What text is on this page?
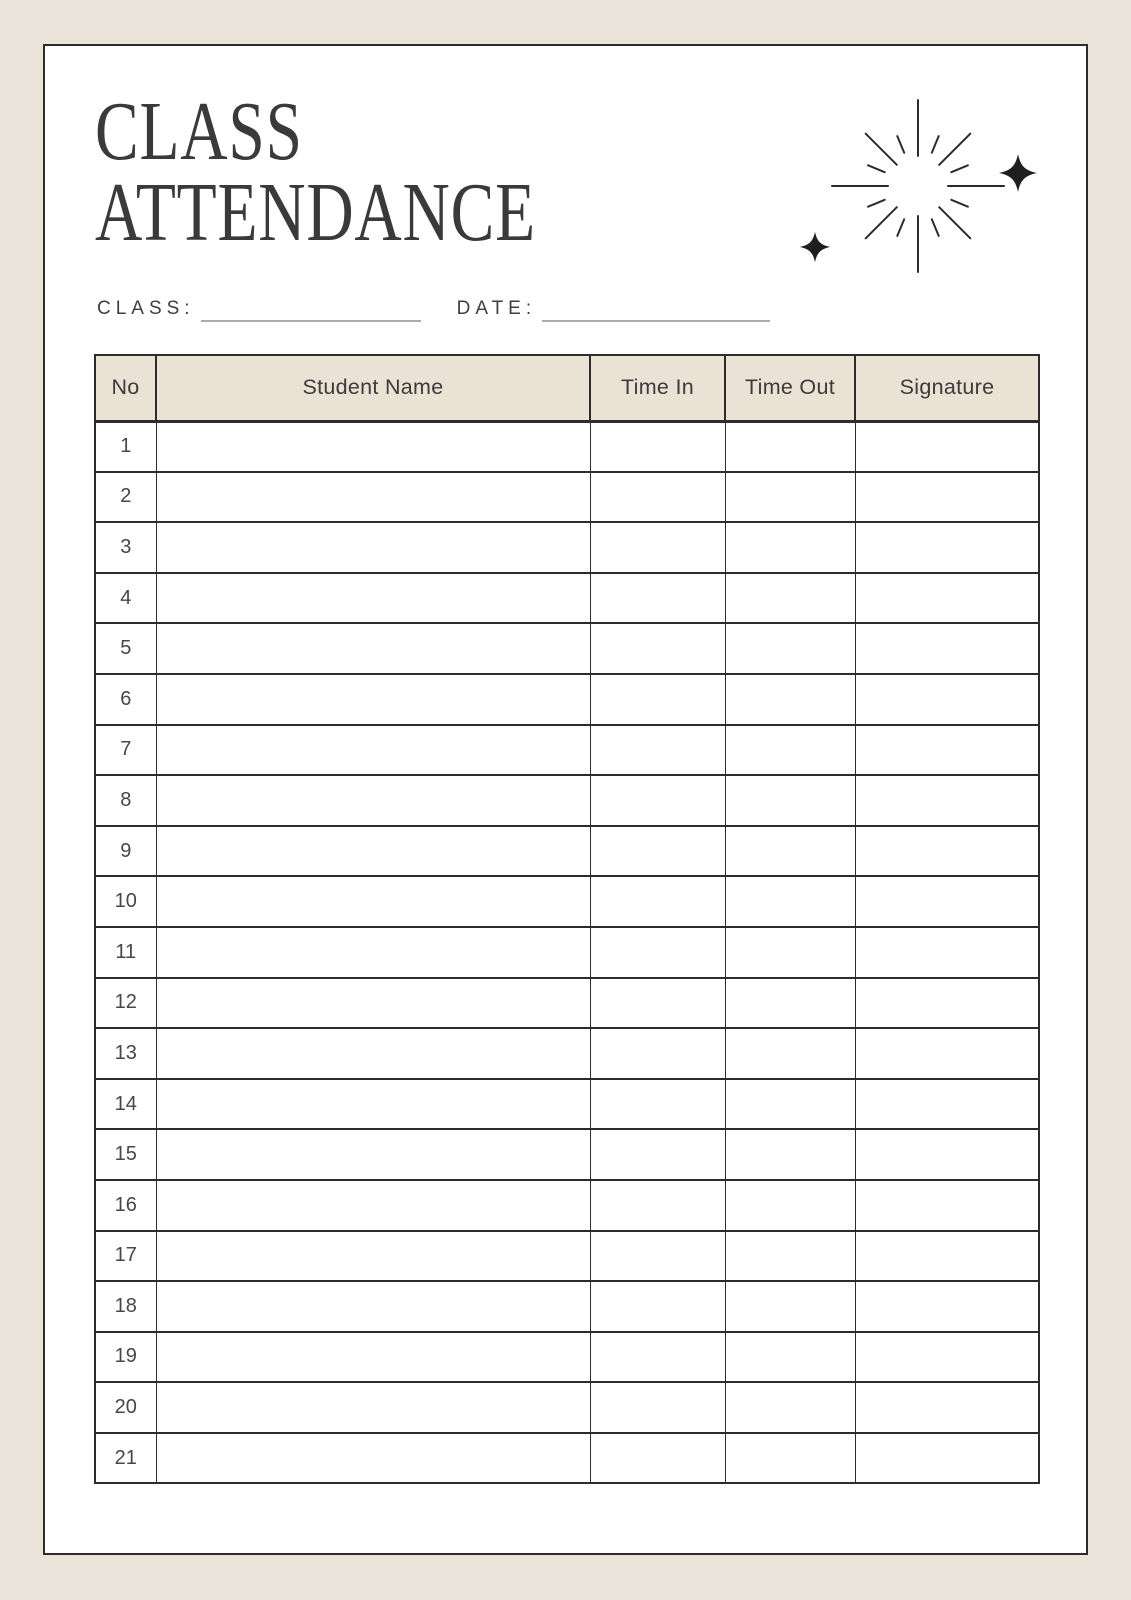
CLASS
ATTENDANCE
CLASS:	DATE:
No	Student Name	Time In	Time Out	Signature
1				
2				
3				
4				
5				
6				
7				
8				
9				
10				
11				
12				
13				
14				
15				
16				
17				
18				
19				
20				
21				
